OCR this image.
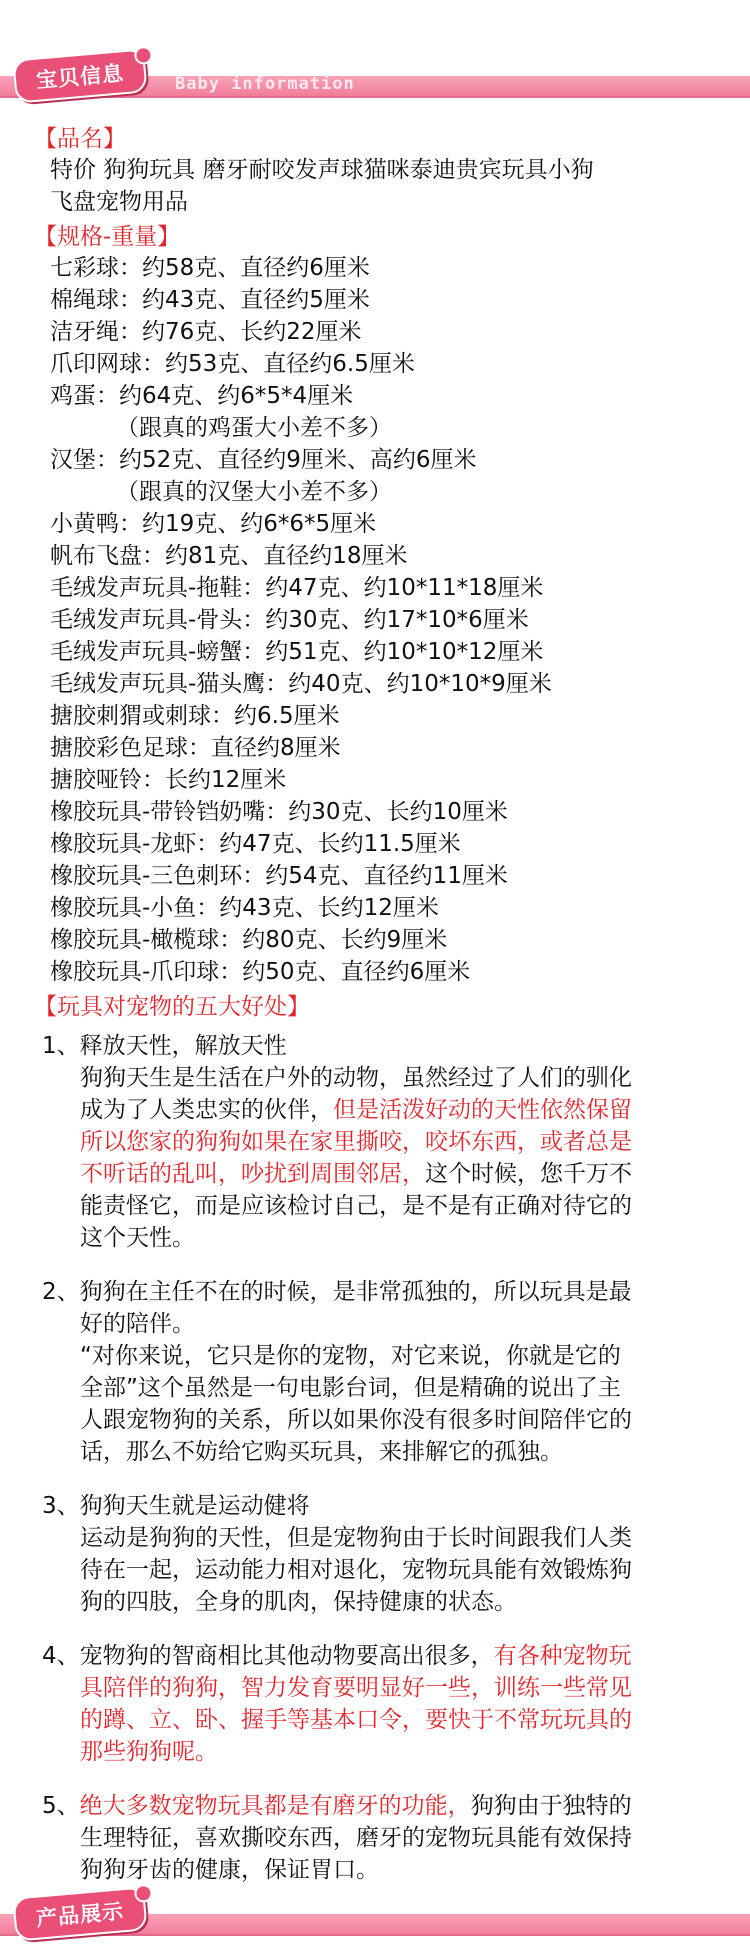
Baby information
宝贝信息
【品名】
特价 狗狗玩具 磨牙耐咬发声球猫咪泰迪贵宾玩具小狗
飞盘宠物用品
【规格-重量】
七彩球：约58克、直径约6厘米
棉绳球：约43克、直径约5厘米
洁牙绳：约76克、长约22厘米
爪印网球：约53克、直径约6.5厘米
鸡蛋：约64克、约6*5*4厘米
（跟真的鸡蛋大小差不多）
汉堡：约52克、直径约9厘米、高约6厘米
（跟真的汉堡大小差不多）
小黄鸭：约19克、约6*6*5厘米
帆布飞盘：约81克、直径约18厘米
毛绒发声玩具-拖鞋：约47克、约10*11*18厘米
毛绒发声玩具-骨头：约30克、约17*10*6厘米
毛绒发声玩具-螃蟹：约51克、约10*10*12厘米
毛绒发声玩具-猫头鹰：约40克、约10*10*9厘米
搪胶刺猬或刺球：约6.5厘米
搪胶彩色足球：直径约8厘米
搪胶哑铃：长约12厘米
橡胶玩具-带铃铛奶嘴：约30克、长约10厘米
橡胶玩具-龙虾：约47克、长约11.5厘米
橡胶玩具-三色刺环：约54克、直径约11厘米
橡胶玩具-小鱼：约43克、长约12厘米
橡胶玩具-橄榄球：约80克、长约9厘米
橡胶玩具-爪印球：约50克、直径约6厘米
【玩具对宠物的五大好处】
1、释放天性，解放天性
狗狗天生是生活在户外的动物，虽然经过了人们的驯化
成为了人类忠实的伙伴，但是活泼好动的天性依然保留
所以您家的狗狗如果在家里撕咬，咬坏东西，或者总是
不听话的乱叫，吵扰到周围邻居，这个时候，您千万不
能责怪它，而是应该检讨自己，是不是有正确对待它的
这个天性。
2、狗狗在主任不在的时候，是非常孤独的，所以玩具是最
好的陪伴。
“对你来说，它只是你的宠物，对它来说，你就是它的
全部”这个虽然是一句电影台词，但是精确的说出了主
人跟宠物狗的关系，所以如果你没有很多时间陪伴它的
话，那么不妨给它购买玩具，来排解它的孤独。
3、狗狗天生就是运动健将
运动是狗狗的天性，但是宠物狗由于长时间跟我们人类
待在一起，运动能力相对退化，宠物玩具能有效锻炼狗
狗的四肢，全身的肌肉，保持健康的状态。
4、宠物狗的智商相比其他动物要高出很多，有各种宠物玩
具陪伴的狗狗，智力发育要明显好一些，训练一些常见
的蹲、立、卧、握手等基本口令，要快于不常玩玩具的
那些狗狗呢。
5、绝大多数宠物玩具都是有磨牙的功能，狗狗由于独特的
生理特征，喜欢撕咬东西，磨牙的宠物玩具能有效保持
狗狗牙齿的健康，保证胃口。
产品展示
